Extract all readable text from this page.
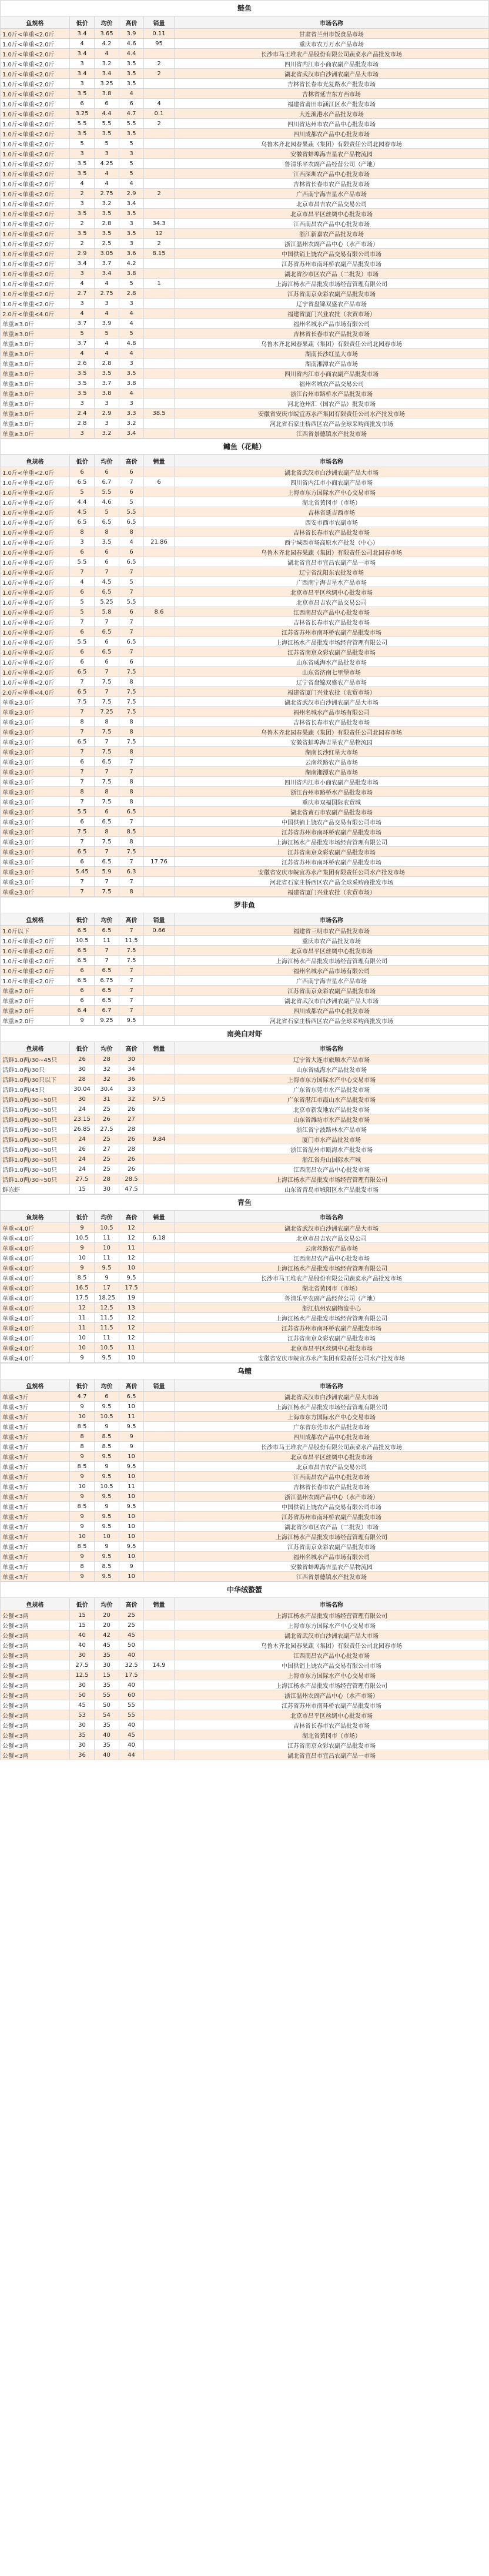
鲢鱼
鱼规格	低价	均价	高价	销量	市场名称
1.0斤<单重<2.0斤	3.4	3.65	3.9	0.11	甘肃省兰州市饭食品市场
1.0斤<单重<2.0斤	4	4.2	4.6	95	重庆市农万万水产品市场
1.0斤<单重<2.0斤	3.4	4	4.4		长沙市马王堆农产品股份有限公司蔬菜水产品批发市场
1.0斤<单重<2.0斤	3	3.2	3.5	2	四川省内江市小商农副产品批发市场
1.0斤<单重<2.0斤	3.4	3.4	3.5	2	湖北省武汉市白沙洲农副产品大市场
1.0斤<单重<2.0斤	3	3.25	3.5		吉林省长春市光复路水产批发市场
1.0斤<单重<2.0斤	3.5	3.8	4		吉林省延吉东方西市场
1.0斤<单重<2.0斤	6	6	6	4	福建省莆田市涵江区水产批发市场
1.0斤<单重<2.0斤	3.25	4.4	4.7	0.1	大连渔港水产品批发市场
1.0斤<单重<2.0斤	5.5	5.5	5.5	2	四川省达州市农产品中心批发市场
1.0斤<单重<2.0斤	3.5	3.5	3.5		四川成都农产品中心批发市场
1.0斤<单重<2.0斤	5	5	5		乌鲁木齐北园春果蔬（集团）有限责任公司北园春市场
1.0斤<单重<2.0斤	3	3	3		安徽省蚌埠海吉星农产品物流园
1.0斤<单重<2.0斤	3.5	4.25	5		鲁清乐平农副产品经营公司（产地）
1.0斤<单重<2.0斤	3.5	4	5		江西深圳农产品中心批发市场
1.0斤<单重<2.0斤	4	4	4		吉林省长春市农产品批发市场
1.0斤<单重<2.0斤	2	2.75	2.9	2	广西南宁海吉星水产品市场
1.0斤<单重<2.0斤	3	3.2	3.4		北京市昌吉农产品交易公司
1.0斤<单重<2.0斤	3.5	3.5	3.5		北京市昌平区丝绸中心批发市场
1.0斤<单重<2.0斤	2	2.8	3	34.3	江西南昌农产品中心批发市场
1.0斤<单重<2.0斤	3.5	3.5	3.5	12	浙江新嘉农产品批发市场
1.0斤<单重<2.0斤	2	2.5	3	2	浙江温州农副产品中心（水产市场）
1.0斤<单重<2.0斤	2.9	3.05	3.6	8.15	中国供销上饶农产品交易有限公司市场
1.0斤<单重<2.0斤	3.4	3.7	4.2		江苏省苏州市南环桥农副产品批发市场
1.0斤<单重<2.0斤	3	3.4	3.8		湖北省沙市区农产品（二批发）市场
1.0斤<单重<2.0斤	4	4	5	1	上海江杨水产品批发市场经营管理有限公司
1.0斤<单重<2.0斤	2.7	2.75	2.8		江苏省南京众彩农副产品批发市场
1.0斤<单重<2.0斤	3	3	3		辽宁省盘锦双盛农产品市场
2.0斤<单重<4.0斤	4	4	4		福建省厦门兴业农批（农贸市场）
单重≥3.0斤	3.7	3.9	4		福州名城水产品市场有限公司
单重≥3.0斤	5	5	5		吉林省长春市农产品批发市场
单重≥3.0斤	3.7	4	4.8		乌鲁木齐北园春果蔬（集团）有限责任公司北园春市场
单重≥3.0斤	4	4	4		湖南长沙红星大市场
单重≥3.0斤	2.6	2.8	3		湖南湘潭农产品市场
单重≥3.0斤	3.5	3.5	3.5		四川省内江市小商农副产品批发市场
单重≥3.0斤	3.5	3.7	3.8		福州名城农产品交易公司
单重≥3.0斤	3.5	3.8	4		浙江台州市路桥水产品批发市场
单重≥3.0斤	3	3	3		河北沧州汇（国农产品）批发市场
单重≥3.0斤	2.4	2.9	3.3	38.5	安徽省安庆市皖宜苏水产集团有限责任公司水产批发市场
单重≥3.0斤	2.8	3	3.2		河北省石家庄桥西区农产品全球采购商批发市场
单重≥3.0斤	3	3.2	3.4		江西省景德镇水产批发市场
鳙鱼（花鲢）
鱼规格	低价	均价	高价	销量	市场名称
1.0斤<单重<2.0斤	6	6	6		湖北省武汉市白沙洲农副产品大市场
1.0斤<单重<2.0斤	6.5	6.7	7	6	四川省内江市小商农副产品市场
1.0斤<单重<2.0斤	5	5.5	6		上海市东方国际水产中心交易市场
1.0斤<单重<2.0斤	4.4	4.6	5		湖北省黄冈市（市场）
1.0斤<单重<2.0斤	4.5	5	5.5		吉林省延吉西市场
1.0斤<单重<2.0斤	6.5	6.5	6.5		西安市西市农副市场
1.0斤<单重<2.0斤	8	8	8		吉林省长春市农产品批发市场
1.0斤<单重<2.0斤	3	3.5	4	21.86	西宁城西市场高原水产批发（中心）
1.0斤<单重<2.0斤	6	6	6		乌鲁木齐北园春果蔬（集团）有限责任公司北园春市场
1.0斤<单重<2.0斤	5.5	6	6.5		湖北省宜昌市宜昌农副产品一市场
1.0斤<单重<2.0斤	7	7	7		辽宁省沈阳东农批发市场
1.0斤<单重<2.0斤	4	4.5	5		广西南宁海吉星水产品市场
1.0斤<单重<2.0斤	6	6.5	7		北京市昌平区丝绸中心批发市场
1.0斤<单重<2.0斤	5	5.25	5.5		北京市昌吉农产品交易公司
1.0斤<单重<2.0斤	5	5.8	6	8.6	江西南昌农产品中心批发市场
1.0斤<单重<2.0斤	7	7	7		吉林省长春市农产品批发市场
1.0斤<单重<2.0斤	6	6.5	7		江苏省苏州市南环桥农副产品批发市场
1.0斤<单重<2.0斤	5.5	6	6.5		上海江杨水产品批发市场经营管理有限公司
1.0斤<单重<2.0斤	6	6.5	7		江苏省南京众彩农副产品批发市场
1.0斤<单重<2.0斤	6	6	6		山东省威海水产品批发市场
1.0斤<单重<2.0斤	6.5	7	7.5		山东省济南七里堡市场
1.0斤<单重<2.0斤	7	7.5	8		辽宁省盘锦双盛农产品市场
2.0斤<单重<4.0斤	6.5	7	7.5		福建省厦门兴业农批（农贸市场）
单重≥3.0斤	7.5	7.5	7.5		湖北省武汉市白沙洲农副产品大市场
单重≥3.0斤	7	7.25	7.5		福州名城水产品市场有限公司
单重≥3.0斤	8	8	8		吉林省长春市农产品批发市场
单重≥3.0斤	7	7.5	8		乌鲁木齐北园春果蔬（集团）有限责任公司北园春市场
单重≥3.0斤	6.5	7	7.5		安徽省蚌埠海吉星农产品物流园
单重≥3.0斤	7	7.5	8		湖南长沙红星大市场
单重≥3.0斤	6	6.5	7		云南丝路农产品市场
单重≥3.0斤	7	7	7		湖南湘潭农产品市场
单重≥3.0斤	7	7.5	8		四川省内江市小商农副产品批发市场
单重≥3.0斤	8	8	8		浙江台州市路桥水产品批发市场
单重≥3.0斤	7	7.5	8		重庆市双福国际农贸城
单重≥3.0斤	5.5	6	6.5		湖北省黄石市农副产品批发市场
单重≥3.0斤	6	6.5	7		中国供销上饶农产品交易有限公司市场
单重≥3.0斤	7.5	8	8.5		江苏省苏州市南环桥农副产品批发市场
单重≥3.0斤	7	7.5	8		上海江杨水产品批发市场经营管理有限公司
单重≥3.0斤	6.5	7	7.5		江苏省南京众彩农副产品批发市场
单重≥3.0斤	6	6.5	7	17.76	江苏省苏州市南环桥农副产品批发市场
单重≥3.0斤	5.45	5.9	6.3		安徽省安庆市皖宜苏水产集团有限责任公司水产批发市场
单重≥3.0斤	7	7	7		河北省石家庄桥西区农产品全球采购商批发市场
单重≥3.0斤	7	7.5	8		福建省厦门兴业农批（农贸市场）
罗非鱼
鱼规格	低价	均价	高价	销量	市场名称
1.0斤以下	6.5	6.5	7	0.66	福建省三明市农产品批发市场
1.0斤<单重<2.0斤	10.5	11	11.5		重庆市农产品批发市场
1.0斤<单重<2.0斤	6.5	7	7.5		北京市昌平区丝绸中心批发市场
1.0斤<单重<2.0斤	6.5	7	7.5		上海江杨水产品批发市场经营管理有限公司
1.0斤<单重<2.0斤	6	6.5	7		福州名城水产品市场有限公司
1.0斤<单重<2.0斤	6.5	6.75	7		广西南宁海吉星水产品市场
单重≥2.0斤	6	6.5	7		江苏省南京众彩农副产品批发市场
单重≥2.0斤	6	6.5	7		湖北省武汉市白沙洲农副产品大市场
单重≥2.0斤	6.4	6.7	7		四川成都农产品中心批发市场
单重≥2.0斤	9	9.25	9.5		河北省石家庄桥西区农产品全球采购商批发市场
南美白对虾
鱼规格	低价	均价	高价	销量	市场名称
活鲜1.0两/30~45只	26	28	30		辽宁省大连市旅顺水产品市场
活鲜1.0两/30只	30	32	34		山东省威海水产品批发市场
活鲜1.0两/30只以下	28	32	36		上海市东方国际水产中心交易市场
活鲜1.0两/45只	30.04	30.4	33		广东省东莞市水产品批发市场
活鲜1.0两/30~50只	30	31	32	57.5	广东省湛江市霞山水产品批发市场
活鲜1.0两/30~50只	24	25	26		北京市新发地农产品批发市场
活鲜1.0两/30~50只	23.15	26	27		山东省潍坊市水产品批发市场
活鲜1.0两/30~50只	26.85	27.5	28		浙江省宁波路林水产品市场
活鲜1.0两/30~50只	24	25	26	9.84	厦门市水产品批发市场
活鲜1.0两/30~50只	26	27	28		浙江省温州市瓯海水产批发市场
活鲜1.0两/30~50只	24	25	26		浙江省舟山国际水产城
活鲜1.0两/30~50只	24	25	26		江西南昌农产品中心批发市场
活鲜1.0两/30~50只	27.5	28	28.5		上海江杨水产品批发市场经营管理有限公司
鲜冻虾	15	30	47.5		山东省青岛市城阳区水产品批发市场
青鱼
鱼规格	低价	均价	高价	销量	市场名称
单重<4.0斤	9	10.5	12		湖北省武汉市白沙洲农副产品大市场
单重<4.0斤	10.5	11	12	6.18	北京市昌吉农产品交易公司
单重<4.0斤	9	10	11		云南丝路农产品市场
单重<4.0斤	10	11	12		江西南昌农产品中心批发市场
单重<4.0斤	9	9.5	10		上海江杨水产品批发市场经营管理有限公司
单重<4.0斤	8.5	9	9.5		长沙市马王堆农产品股份有限公司蔬菜水产品批发市场
单重<4.0斤	16.5	17	17.5		湖北省黄冈市（市场）
单重<4.0斤	17.5	18.25	19		鲁清乐平农副产品经营公司（产地）
单重<4.0斤	12	12.5	13		浙江杭州农副物流中心
单重≥4.0斤	11	11.5	12		上海江杨水产品批发市场经营管理有限公司
单重≥4.0斤	11	11.5	12		江苏省苏州市南环桥农副产品批发市场
单重≥4.0斤	10	11	12		江苏省南京众彩农副产品批发市场
单重≥4.0斤	10	10.5	11		北京市昌平区丝绸中心批发市场
单重≥4.0斤	9	9.5	10		安徽省安庆市皖宜苏水产集团有限责任公司水产批发市场
乌鳢
鱼规格	低价	均价	高价	销量	市场名称
单重<3斤	4.7	6	6.5		湖北省武汉市白沙洲农副产品大市场
单重<3斤	9	9.5	10		上海江杨水产品批发市场经营管理有限公司
单重<3斤	10	10.5	11		上海市东方国际水产中心交易市场
单重<3斤	8.5	9	9.5		广东省东莞市水产品批发市场
单重<3斤	8	8.5	9		四川成都农产品中心批发市场
单重<3斤	8	8.5	9		长沙市马王堆农产品股份有限公司蔬菜水产品批发市场
单重<3斤	9	9.5	10		北京市昌平区丝绸中心批发市场
单重<3斤	8.5	9	9.5		北京市昌吉农产品交易公司
单重<3斤	9	9.5	10		江西南昌农产品中心批发市场
单重<3斤	10	10.5	11		吉林省长春市农产品批发市场
单重<3斤	9	9.5	10		浙江温州农副产品中心（水产市场）
单重<3斤	8.5	9	9.5		中国供销上饶农产品交易有限公司市场
单重<3斤	9	9.5	10		江苏省苏州市南环桥农副产品批发市场
单重<3斤	9	9.5	10		湖北省沙市区农产品（二批发）市场
单重<3斤	10	10	10		上海江杨水产品批发市场经营管理有限公司
单重<3斤	8.5	9	9.5		江苏省南京众彩农副产品批发市场
单重<3斤	9	9.5	10		福州名城水产品市场有限公司
单重<3斤	8	8.5	9		安徽省蚌埠海吉星农产品物流园
单重<3斤	9	9.5	10		江西省景德镇水产批发市场
中华绒螯蟹
鱼规格	低价	均价	高价	销量	市场名称
公蟹<3两	15	20	25		上海江杨水产品批发市场经营管理有限公司
公蟹<3两	15	20	25		上海市东方国际水产中心交易市场
公蟹<3两	40	42	45		湖北省武汉市白沙洲农副产品大市场
公蟹<3两	40	45	50		乌鲁木齐北园春果蔬（集团）有限责任公司北园春市场
公蟹<3两	30	35	40		江西南昌农产品中心批发市场
公蟹<3两	27.5	30	32.5	14.9	中国供销上饶农产品交易有限公司市场
公蟹<3两	12.5	15	17.5		上海市东方国际水产中心交易市场
公蟹<3两	30	35	40		上海江杨水产品批发市场经营管理有限公司
公蟹<3两	50	55	60		浙江温州农副产品中心（水产市场）
公蟹<3两	45	50	55		江苏省苏州市南环桥农副产品批发市场
公蟹<3两	53	54	55		北京市昌平区丝绸中心批发市场
公蟹<3两	30	35	40		吉林省长春市农产品批发市场
公蟹<3两	35	40	45		湖北省黄冈市（市场）
公蟹<3两	30	35	40		江苏省南京众彩农副产品批发市场
公蟹<3两	36	40	44		湖北省宜昌市宜昌农副产品一市场
